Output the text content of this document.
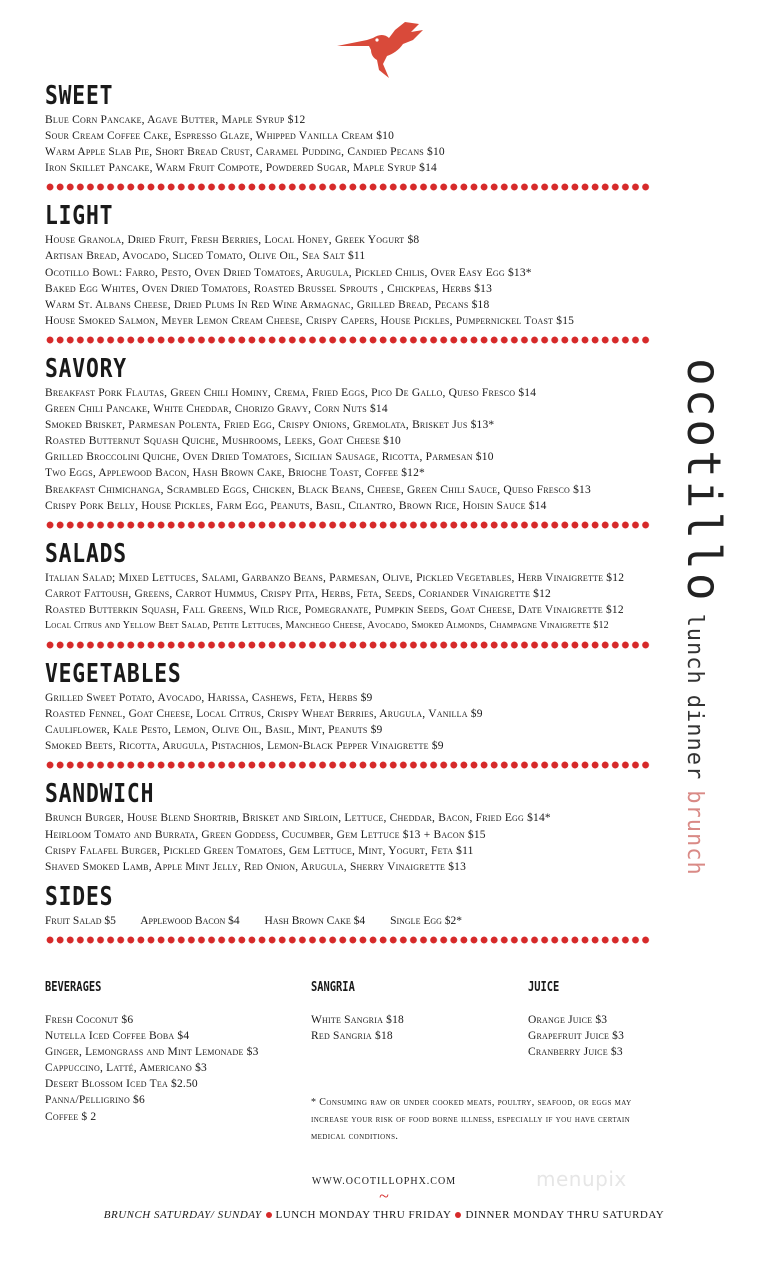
SWEET
Blue Corn Pancake, Agave Butter, Maple Syrup $12
Sour Cream Coffee Cake, Espresso Glaze, Whipped Vanilla Cream $10
Warm Apple Slab Pie, Short Bread Crust, Caramel Pudding, Candied Pecans $10
Iron Skillet Pancake, Warm Fruit Compote, Powdered Sugar, Maple Syrup $14
LIGHT
House Granola, Dried Fruit, Fresh Berries, Local Honey, Greek Yogurt $8
Artisan Bread, Avocado, Sliced Tomato, Olive Oil, Sea Salt $11
Ocotillo Bowl: Farro, Pesto, Oven Dried Tomatoes, Arugula, Pickled Chilis, Over Easy Egg $13*
Baked Egg Whites, Oven Dried Tomatoes, Roasted Brussel Sprouts , Chickpeas, Herbs $13
Warm St. Albans Cheese, Dried Plums In Red Wine Armagnac, Grilled Bread, Pecans $18
House Smoked Salmon, Meyer Lemon Cream Cheese, Crispy Capers, House Pickles, Pumpernickel Toast $15
SAVORY
Breakfast Pork Flautas, Green Chili Hominy, Crema, Fried Eggs, Pico De Gallo, Queso Fresco $14
Green Chili Pancake, White Cheddar, Chorizo Gravy, Corn Nuts $14
Smoked Brisket, Parmesan Polenta, Fried Egg, Crispy Onions, Gremolata, Brisket Jus $13*
Roasted Butternut Squash Quiche, Mushrooms, Leeks, Goat Cheese $10
Grilled Broccolini Quiche, Oven Dried Tomatoes, Sicilian Sausage, Ricotta, Parmesan $10
Two Eggs, Applewood Bacon, Hash Brown Cake, Brioche Toast, Coffee $12*
Breakfast Chimichanga, Scrambled Eggs, Chicken, Black Beans, Cheese, Green Chili Sauce, Queso Fresco $13
Crispy Pork Belly, House Pickles, Farm Egg, Peanuts, Basil, Cilantro, Brown Rice, Hoisin Sauce $14
SALADS
Italian Salad; Mixed Lettuces, Salami, Garbanzo Beans, Parmesan, Olive, Pickled Vegetables, Herb Vinaigrette $12
Carrot Fattoush, Greens, Carrot Hummus, Crispy Pita, Herbs, Feta, Seeds, Coriander Vinaigrette $12
Roasted Butterkin Squash, Fall Greens, Wild Rice, Pomegranate, Pumpkin Seeds, Goat Cheese, Date Vinaigrette $12
Local Citrus and Yellow Beet Salad, Petite Lettuces, Manchego Cheese, Avocado, Smoked Almonds, Champagne Vinaigrette $12
VEGETABLES
Grilled Sweet Potato, Avocado, Harissa, Cashews, Feta, Herbs $9
Roasted Fennel, Goat Cheese, Local Citrus, Crispy Wheat Berries, Arugula, Vanilla $9
Cauliflower, Kale Pesto, Lemon, Olive Oil, Basil, Mint, Peanuts $9
Smoked Beets, Ricotta, Arugula, Pistachios, Lemon-Black Pepper Vinaigrette $9
SANDWICH
Brunch Burger, House Blend Shortrib, Brisket and Sirloin, Lettuce, Cheddar, Bacon, Fried Egg $14*
Heirloom Tomato and Burrata, Green Goddess, Cucumber, Gem Lettuce $13 + Bacon $15
Crispy Falafel Burger, Pickled Green Tomatoes, Gem Lettuce, Mint, Yogurt, Feta $11
Shaved Smoked Lamb, Apple Mint Jelly, Red Onion, Arugula, Sherry Vinaigrette $13
SIDES
Fruit Salad $5 Applewood Bacon $4 Hash Brown Cake $4 Single Egg $2*
BEVERAGES
Fresh Coconut $6
Nutella Iced Coffee Boba $4
Ginger, Lemongrass and Mint Lemonade $3
Cappuccino, Latté, Americano $3
Desert Blossom Iced Tea $2.50
Panna/Pelligrino $6
Coffee $ 2
SANGRIA
White Sangria $18
Red Sangria $18
JUICE
Orange Juice $3
Grapefruit Juice $3
Cranberry Juice $3
* Consuming raw or under cooked meats, poultry, seafood, or eggs may increase your risk of food borne illness, especially if you have certain medical conditions.
WWW.OCOTILLOPHX.COM
~
BRUNCH SATURDAY/ SUNDAY LUNCH MONDAY THRU FRIDAY DINNER MONDAY THRU SATURDAY
menupix
ocotillo lunch dinner brunch
